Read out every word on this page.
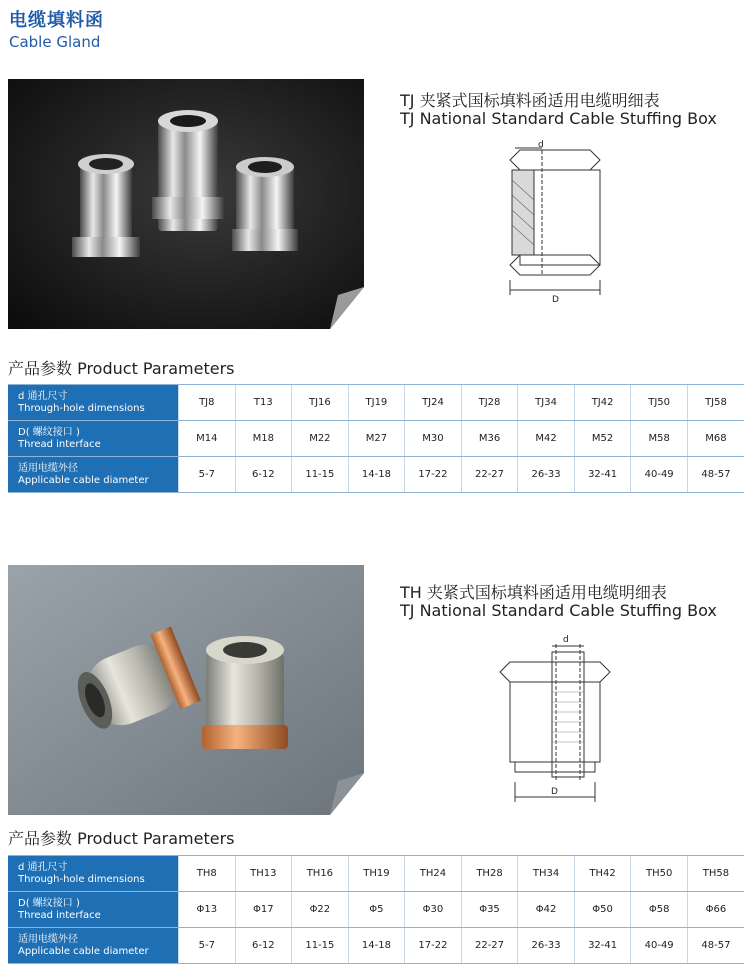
电缆填料函
Cable Gland
TJ 夹紧式国标填料函适用电缆明细表
TJ National Standard Cable Stuffing Box
d
D
产品参数 Product Parameters
d 通孔尺寸
Through-hole dimensions	TJ8	T13	TJ16	TJ19	TJ24	TJ28	TJ34	TJ42	TJ50	TJ58

D( 螺纹接口 )
Thread interface	M14	M18	M22	M27	M30	M36	M42	M52	M58	M68

适用电缆外径
Applicable cable diameter	5-7	6-12	11-15	14-18	17-22	22-27	26-33	32-41	40-49	48-57
TH 夹紧式国标填料函适用电缆明细表
TJ National Standard Cable Stuffing Box
d
D
产品参数 Product Parameters
d 通孔尺寸
Through-hole dimensions	TH8	TH13	TH16	TH19	TH24	TH28	TH34	TH42	TH50	TH58

D( 螺纹接口 )
Thread interface	Φ13	Φ17	Φ22	Φ5	Φ30	Φ35	Φ42	Φ50	Φ58	Φ66

适用电缆外径
Applicable cable diameter	5-7	6-12	11-15	14-18	17-22	22-27	26-33	32-41	40-49	48-57
